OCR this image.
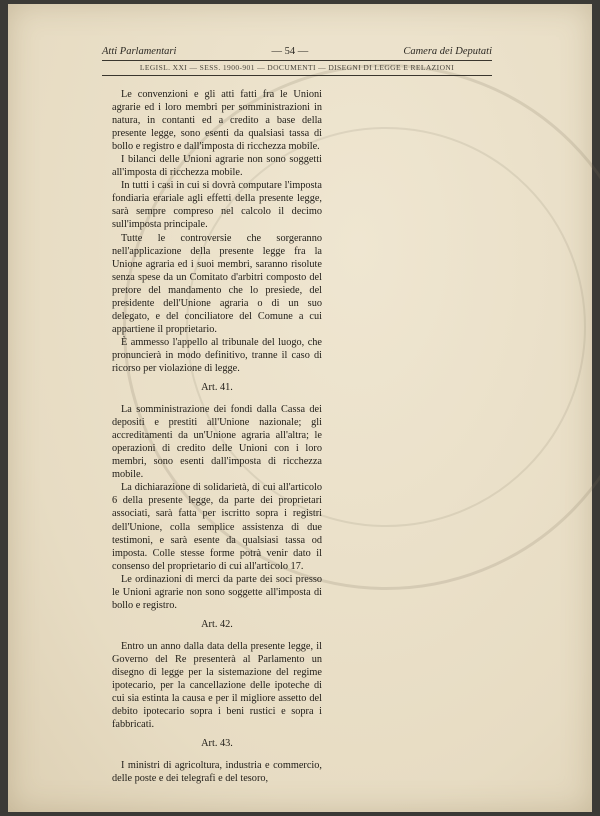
Atti Parlamentari	— 54 —	Camera dei Deputati
LEGISL. XXI — SESS. 1900-901 — DOCUMENTI — DISEGNI DI LEGGE E RELAZIONI

Le convenzioni e gli atti fatti fra le Unioni agrarie ed i loro membri per somministrazioni in natura, in contanti ed a credito a base della presente legge, sono esenti da qualsiasi tassa di bollo e registro e dall'imposta di ricchezza mobile.

I bilanci delle Unioni agrarie non sono soggetti all'imposta di ricchezza mobile.

In tutti i casi in cui si dovrà computare l'imposta fondiaria erariale agli effetti della presente legge, sarà sempre compreso nel calcolo il decimo sull'imposta principale.

Tutte le controversie che sorgeranno nell'applicazione della presente legge fra la Unione agraria ed i suoi membri, saranno risolute senza spese da un Comitato d'arbitri composto del pretore del mandamento che lo presiede, del presidente dell'Unione agraria o di un suo delegato, e del conciliatore del Comune a cui appartiene il proprietario.

È ammesso l'appello al tribunale del luogo, che pronuncierà in modo definitivo, tranne il caso di ricorso per violazione di legge.

Art. 41.

La somministrazione dei fondi dalla Cassa dei depositi e prestiti all'Unione nazionale; gli accreditamenti da un'Unione agraria all'altra; le operazioni di credito delle Unioni con i loro membri, sono esenti dall'imposta di ricchezza mobile.

La dichiarazione di solidarietà, di cui all'articolo 6 della presente legge, da parte dei proprietari associati, sarà fatta per iscritto sopra i registri dell'Unione, colla semplice assistenza di due testimoni, e sarà esente da qualsiasi tassa od imposta. Colle stesse forme potrà venir dato il consenso del proprietario di cui all'articolo 17.

Le ordinazioni di merci da parte dei soci presso le Unioni agrarie non sono soggette all'imposta di bollo e registro.

Art. 42.

Entro un anno dalla data della presente legge, il Governo del Re presenterà al Parlamento un disegno di legge per la sistemazione del regime ipotecario, per la cancellazione delle ipoteche di cui sia estinta la causa e per il migliore assetto del debito ipotecario sopra i beni rustici e sopra i fabbricati.

Art. 43.

I ministri di agricoltura, industria e commercio, delle poste e dei telegrafi e del tesoro,
